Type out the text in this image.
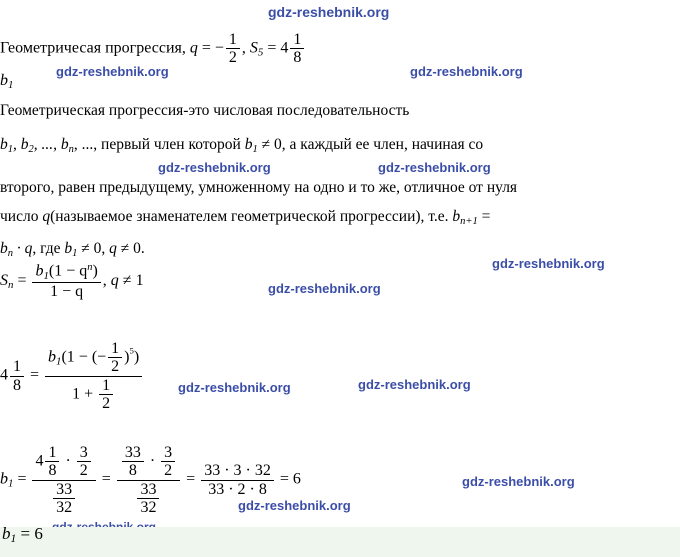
gdz-reshebnik.org
gdz-reshebnik.org	gdz-reshebnik.org
gdz-reshebnik.org	gdz-reshebnik.org
gdz-reshebnik.org
gdz-reshebnik.org
gdz-reshebnik.org	gdz-reshebnik.org
gdz-reshebnik.org
gdz-reshebnik.org
Геометричесая прогрессия, q = − $\frac{1}{2}$ , $S_5 = 4 \frac{1}{8}$
$b_1$
Геометрическая прогрессия-это числовая последовательность
$b_1$, $b_2$, ..., $b_n$, ..., первый член которой $b_1 \ne 0$, а каждый ее член, начиная со
второго, равен предыдущему, умноженному на одно и то же, отличное от нуля
число q(называемое знаменателем геометрической прогрессии), т.е. $b_{n+1}$ =
$b_n \cdot q$, где $b_1 \ne 0$, q ≠ 0.
$S_n = \frac{b_1(1 - q^n)}{1 - q}$ , q ≠ 1
$4 \frac{1}{8} = \frac{b_1(1 - (- \frac{1}{2} )^5)}{1 + \frac{1}{2}}$
$b_1 = \frac{4 \frac{1}{8} \cdot \frac{3}{2}}{\frac{33}{32}} = \frac{\frac{33}{8} \cdot \frac{3}{2}}{\frac{33}{32}} = \frac{33 \cdot 3 \cdot 32}{33 \cdot 2 \cdot 8} = 6$
$b_1 = 6$
